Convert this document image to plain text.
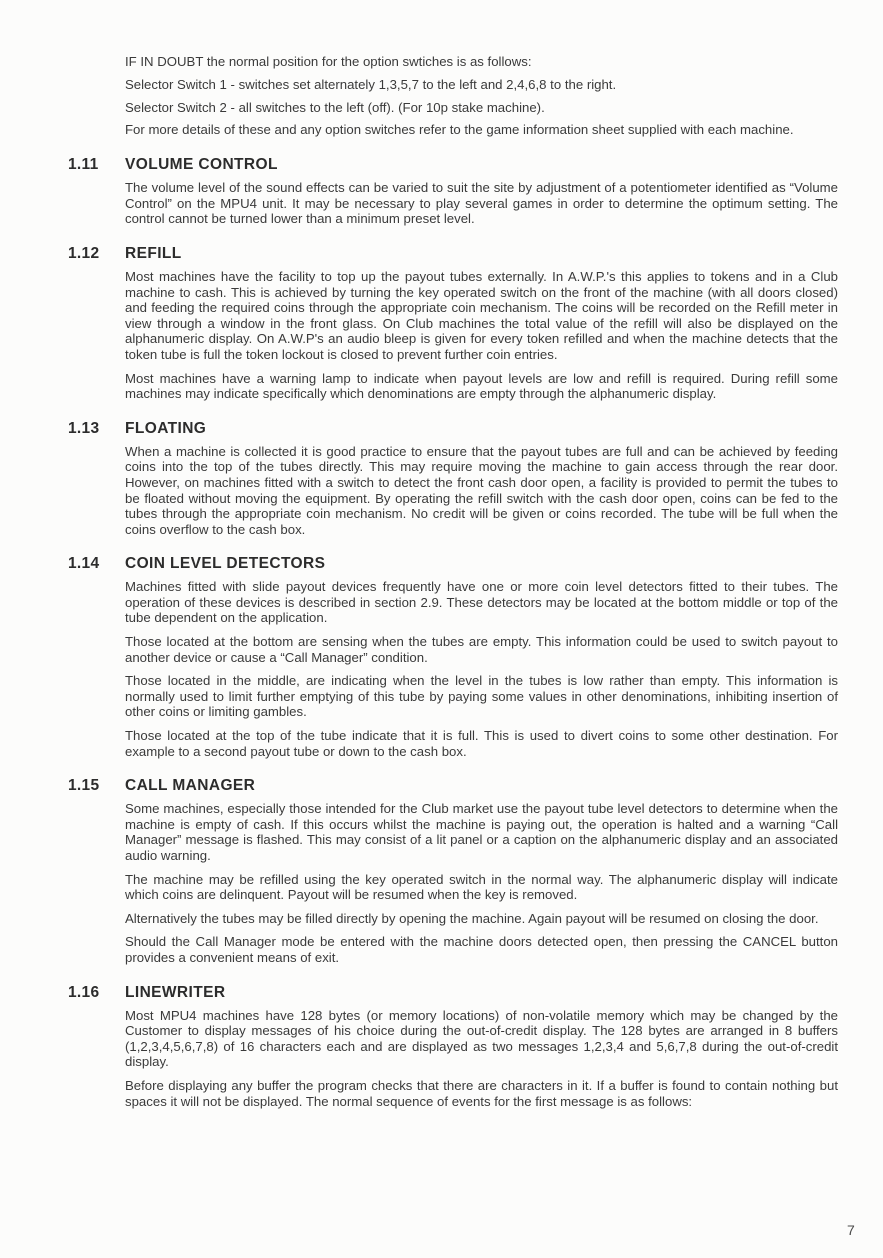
IF IN DOUBT the normal position for the option swtiches is as follows:

Selector Switch 1 - switches set alternately 1,3,5,7 to the left and 2,4,6,8 to the right.

Selector Switch 2 - all switches to the left (off). (For 10p stake machine).

For more details of these and any option switches refer to the game information sheet supplied with each machine.

1.11	VOLUME CONTROL

The volume level of the sound effects can be varied to suit the site by adjustment of a potentiometer identified as “Volume Control” on the MPU4 unit. It may be necessary to play several games in order to determine the optimum setting. The control cannot be turned lower than a minimum preset level.

1.12	REFILL

Most machines have the facility to top up the payout tubes externally. In A.W.P.'s this applies to tokens and in a Club machine to cash. This is achieved by turning the key operated switch on the front of the machine (with all doors closed) and feeding the required coins through the appropriate coin mechanism. The coins will be recorded on the Refill meter in view through a window in the front glass. On Club machines the total value of the refill will also be displayed on the alphanumeric display. On A.W.P's an audio bleep is given for every token refilled and when the machine detects that the token tube is full the token lockout is closed to prevent further coin entries.

Most machines have a warning lamp to indicate when payout levels are low and refill is required. During refill some machines may indicate specifically which denominations are empty through the alphanumeric display.

1.13	FLOATING

When a machine is collected it is good practice to ensure that the payout tubes are full and can be achieved by feeding coins into the top of the tubes directly. This may require moving the machine to gain access through the rear door. However, on machines fitted with a switch to detect the front cash door open, a facility is provided to permit the tubes to be floated without moving the equipment. By operating the refill switch with the cash door open, coins can be fed to the tubes through the appropriate coin mechanism. No credit will be given or coins recorded. The tube will be full when the coins overflow to the cash box.

1.14	COIN LEVEL DETECTORS

Machines fitted with slide payout devices frequently have one or more coin level detectors fitted to their tubes. The operation of these devices is described in section 2.9. These detectors may be located at the bottom middle or top of the tube dependent on the application.

Those located at the bottom are sensing when the tubes are empty. This information could be used to switch payout to another device or cause a “Call Manager” condition.

Those located in the middle, are indicating when the level in the tubes is low rather than empty. This information is normally used to limit further emptying of this tube by paying some values in other denominations, inhibiting insertion of other coins or limiting gambles.

Those located at the top of the tube indicate that it is full. This is used to divert coins to some other destination. For example to a second payout tube or down to the cash box.

1.15	CALL MANAGER

Some machines, especially those intended for the Club market use the payout tube level detectors to determine when the machine is empty of cash. If this occurs whilst the machine is paying out, the operation is halted and a warning “Call Manager” message is flashed. This may consist of a lit panel or a caption on the alphanumeric display and an associated audio warning.

The machine may be refilled using the key operated switch in the normal way. The alphanumeric display will indicate which coins are delinquent. Payout will be resumed when the key is removed.

Alternatively the tubes may be filled directly by opening the machine. Again payout will be resumed on closing the door.

Should the Call Manager mode be entered with the machine doors detected open, then pressing the CANCEL button provides a convenient means of exit.

1.16	LINEWRITER

Most MPU4 machines have 128 bytes (or memory locations) of non-volatile memory which may be changed by the Customer to display messages of his choice during the out-of-credit display. The 128 bytes are arranged in 8 buffers (1,2,3,4,5,6,7,8) of 16 characters each and are displayed as two messages 1,2,3,4 and 5,6,7,8 during the out-of-credit display.

Before displaying any buffer the program checks that there are characters in it. If a buffer is found to contain nothing but spaces it will not be displayed. The normal sequence of events for the first message is as follows:

7
